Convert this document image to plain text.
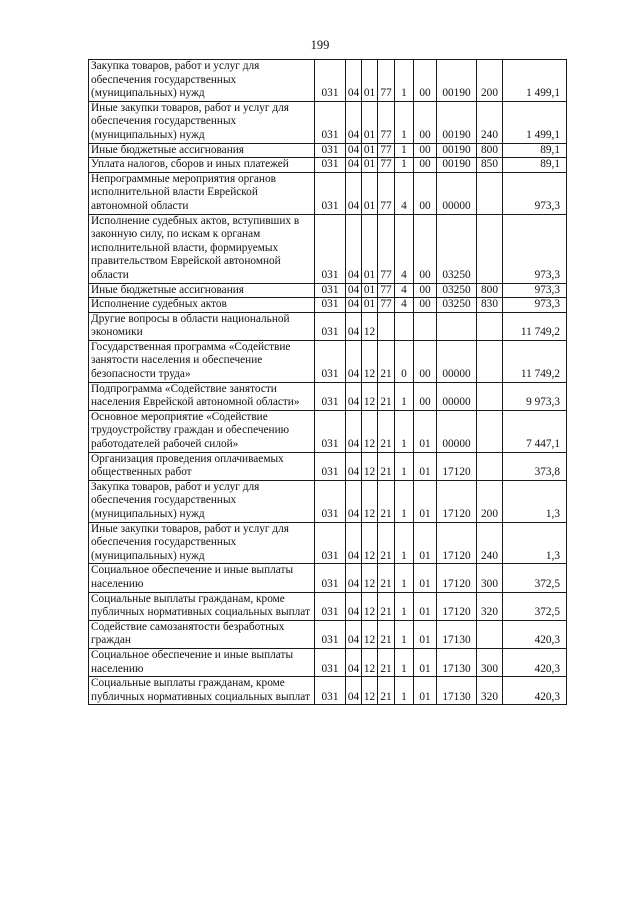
199
Закупка товаров, работ и услуг для обеспечения государственных (муниципальных) нужд	031	04	01	77	1	00	00190	200	1 499,1
Иные закупки товаров, работ и услуг для обеспечения государственных (муниципальных) нужд	031	04	01	77	1	00	00190	240	1 499,1
Иные бюджетные ассигнования	031	04	01	77	1	00	00190	800	89,1
Уплата налогов, сборов и иных платежей	031	04	01	77	1	00	00190	850	89,1
Непрограммные мероприятия органов исполнительной власти Еврейской автономной области	031	04	01	77	4	00	00000		973,3
Исполнение судебных актов, вступивших в законную силу, по искам к органам исполнительной власти, формируемых правительством Еврейской автономной области	031	04	01	77	4	00	03250		973,3
Иные бюджетные ассигнования	031	04	01	77	4	00	03250	800	973,3
Исполнение судебных актов	031	04	01	77	4	00	03250	830	973,3
Другие вопросы в области национальной экономики	031	04	12						11 749,2
Государственная программа «Содействие занятости населения и обеспечение безопасности труда»	031	04	12	21	0	00	00000		11 749,2
Подпрограмма «Содействие занятости населения Еврейской автономной области»	031	04	12	21	1	00	00000		9 973,3
Основное мероприятие «Содействие трудоустройству граждан и обеспечению работодателей рабочей силой»	031	04	12	21	1	01	00000		7 447,1
Организация проведения оплачиваемых общественных работ	031	04	12	21	1	01	17120		373,8
Закупка товаров, работ и услуг для обеспечения государственных (муниципальных) нужд	031	04	12	21	1	01	17120	200	1,3
Иные закупки товаров, работ и услуг для обеспечения государственных (муниципальных) нужд	031	04	12	21	1	01	17120	240	1,3
Социальное обеспечение и иные выплаты населению	031	04	12	21	1	01	17120	300	372,5
Социальные выплаты гражданам, кроме публичных нормативных социальных выплат	031	04	12	21	1	01	17120	320	372,5
Содействие самозанятости безработных граждан	031	04	12	21	1	01	17130		420,3
Социальное обеспечение и иные выплаты населению	031	04	12	21	1	01	17130	300	420,3
Социальные выплаты гражданам, кроме публичных нормативных социальных выплат	031	04	12	21	1	01	17130	320	420,3
